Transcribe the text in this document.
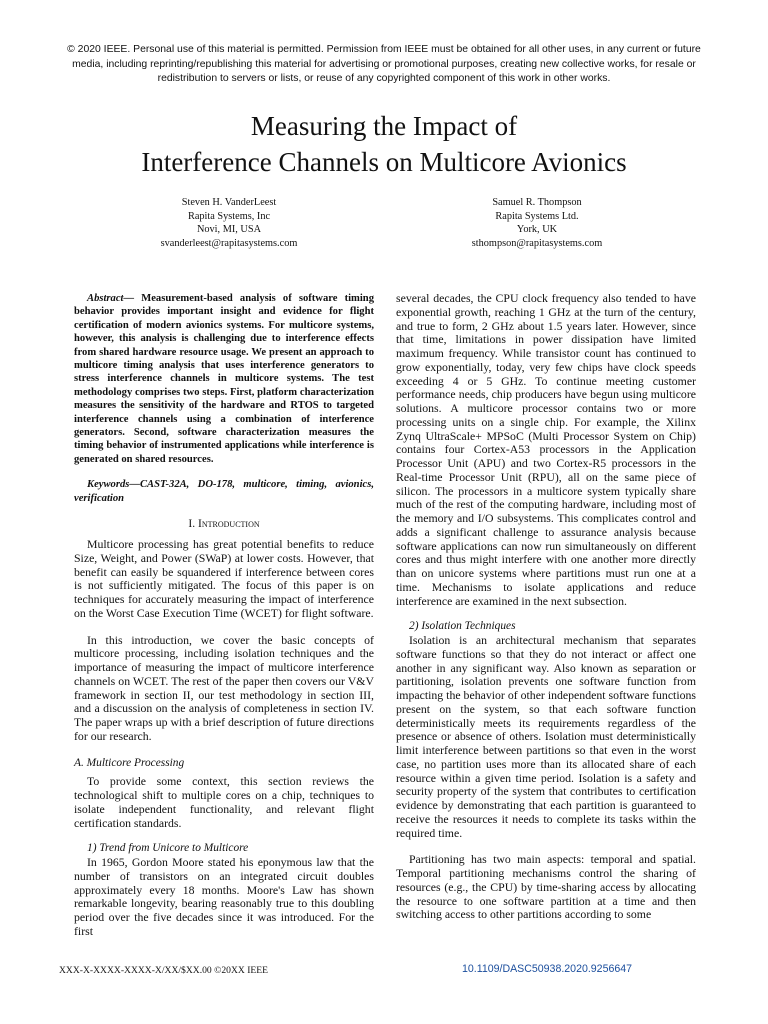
© 2020 IEEE. Personal use of this material is permitted. Permission from IEEE must be obtained for all other uses, in any current or future media, including reprinting/republishing this material for advertising or promotional purposes, creating new collective works, for resale or redistribution to servers or lists, or reuse of any copyrighted component of this work in other works.
Measuring the Impact of
Interference Channels on Multicore Avionics
Steven H. VanderLeest
Rapita Systems, Inc
Novi, MI, USA
svanderleest@rapitasystems.com
Samuel R. Thompson
Rapita Systems Ltd.
York, UK
sthompson@rapitasystems.com

Abstract— Measurement-based analysis of software timing behavior provides important insight and evidence for flight certification of modern avionics systems. For multicore systems, however, this analysis is challenging due to interference effects from shared hardware resource usage. We present an approach to multicore timing analysis that uses interference generators to stress interference channels in multicore systems. The test methodology comprises two steps. First, platform characterization measures the sensitivity of the hardware and RTOS to targeted interference channels using a combination of interference generators. Second, software characterization measures the timing behavior of instrumented applications while interference is generated on shared resources.

Keywords—CAST-32A, DO-178, multicore, timing, avionics, verification

I. Introduction

Multicore processing has great potential benefits to reduce Size, Weight, and Power (SWaP) at lower costs. However, that benefit can easily be squandered if interference between cores is not sufficiently mitigated. The focus of this paper is on techniques for accurately measuring the impact of interference on the Worst Case Execution Time (WCET) for flight software.

In this introduction, we cover the basic concepts of multicore processing, including isolation techniques and the importance of measuring the impact of multicore interference channels on WCET. The rest of the paper then covers our V&V framework in section II, our test methodology in section III, and a discussion on the analysis of completeness in section IV. The paper wraps up with a brief description of future directions for our research.

A. Multicore Processing

To provide some context, this section reviews the technological shift to multiple cores on a chip, techniques to isolate independent functionality, and relevant flight certification standards.

1) Trend from Unicore to Multicore

In 1965, Gordon Moore stated his eponymous law that the number of transistors on an integrated circuit doubles approximately every 18 months. Moore's Law has shown remarkable longevity, bearing reasonably true to this doubling period over the five decades since it was introduced. For the first

several decades, the CPU clock frequency also tended to have exponential growth, reaching 1 GHz at the turn of the century, and true to form, 2 GHz about 1.5 years later. However, since that time, limitations in power dissipation have limited maximum frequency. While transistor count has continued to grow exponentially, today, very few chips have clock speeds exceeding 4 or 5 GHz. To continue meeting customer performance needs, chip producers have begun using multicore solutions. A multicore processor contains two or more processing units on a single chip. For example, the Xilinx Zynq UltraScale+ MPSoC (Multi Processor System on Chip) contains four Cortex-A53 processors in the Application Processor Unit (APU) and two Cortex-R5 processors in the Real-time Processor Unit (RPU), all on the same piece of silicon. The processors in a multicore system typically share much of the rest of the computing hardware, including most of the memory and I/O subsystems. This complicates control and adds a significant challenge to assurance analysis because software applications can now run simultaneously on different cores and thus might interfere with one another more directly than on unicore systems where partitions must run one at a time. Mechanisms to isolate applications and reduce interference are examined in the next subsection.

2) Isolation Techniques

Isolation is an architectural mechanism that separates software functions so that they do not interact or affect one another in any significant way. Also known as separation or partitioning, isolation prevents one software function from impacting the behavior of other independent software functions present on the system, so that each software function deterministically meets its requirements regardless of the presence or absence of others. Isolation must deterministically limit interference between partitions so that even in the worst case, no partition uses more than its allocated share of each resource within a given time period. Isolation is a safety and security property of the system that contributes to certification evidence by demonstrating that each partition is guaranteed to receive the resources it needs to complete its tasks within the required time.

Partitioning has two main aspects: temporal and spatial. Temporal partitioning mechanisms control the sharing of resources (e.g., the CPU) by time-sharing access by allocating the resource to one software partition at a time and then switching access to other partitions according to some

XXX-X-XXXX-XXXX-X/XX/$XX.00 ©20XX IEEE	10.1109/DASC50938.2020.9256647
